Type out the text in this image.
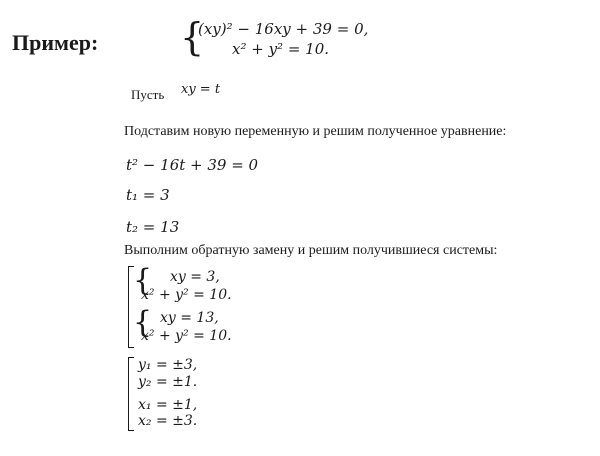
Пример: {
(xy)² − 16xy + 39 = 0,
x² + y² = 10.
Пусть xy = t
Подставим новую переменную и решим полученное уравнение:
t² − 16t + 39 = 0
t₁ = 3
t₂ = 13
Выполним обратную замену и решим получившиеся системы:
{ xy = 3,
x² + y² = 10.
{ xy = 13,
x² + y² = 10.
y₁ = ±3,
y₂ = ±1.
x₁ = ±1,
x₂ = ±3.
